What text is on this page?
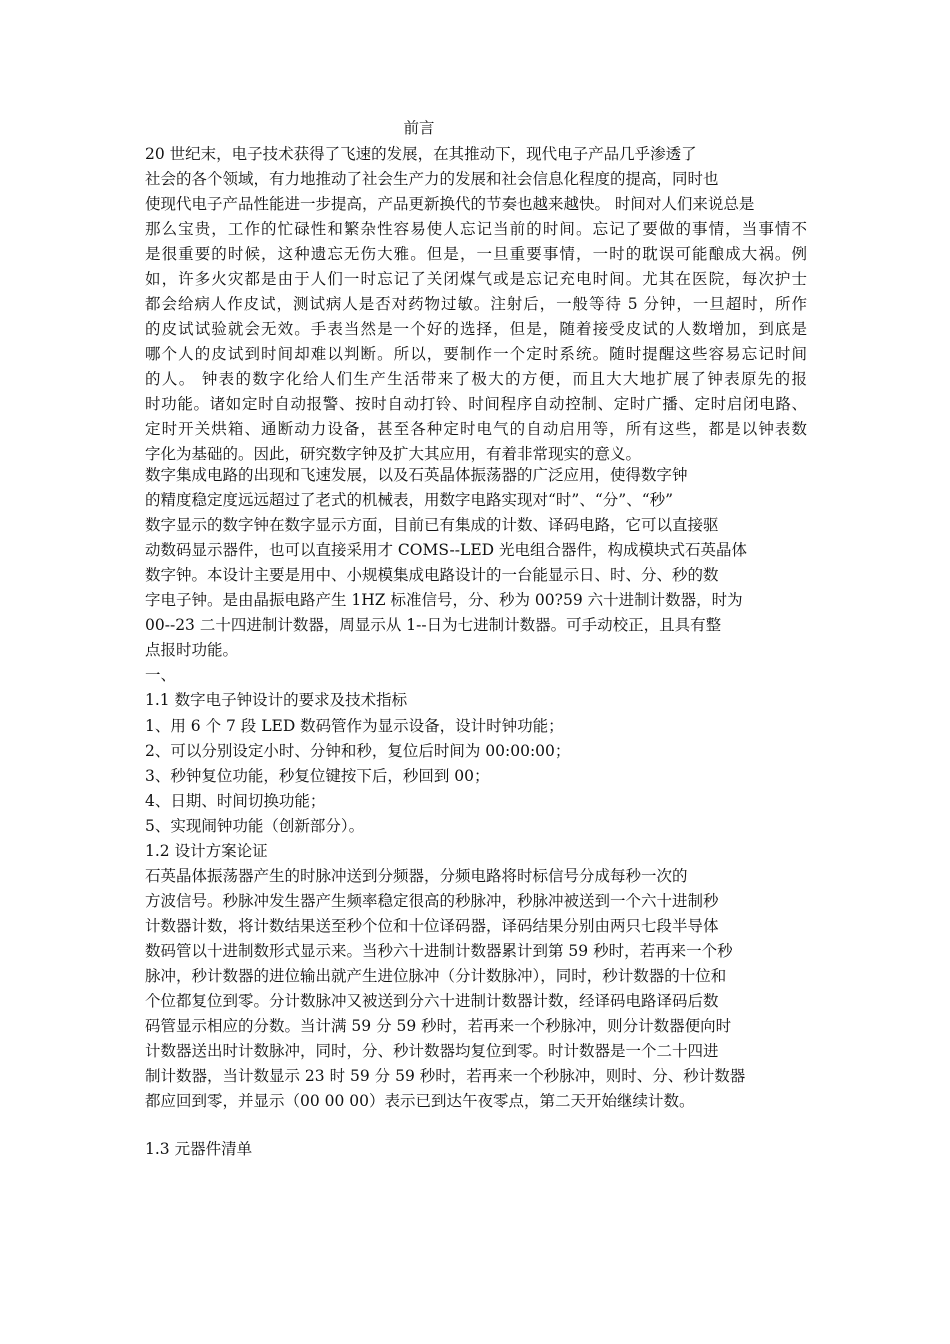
前言
20 世纪末，电子技术获得了飞速的发展，在其推动下，现代电子产品几乎渗透了
社会的各个领域，有力地推动了社会生产力的发展和社会信息化程度的提高，同时也
使现代电子产品性能进一步提高，产品更新换代的节奏也越来越快。 时间对人们来说总是
那么宝贵，工作的忙碌性和繁杂性容易使人忘记当前的时间。忘记了要做的事情，当事情不
是很重要的时候，这种遗忘无伤大雅。但是，一旦重要事情，一时的耽误可能酿成大祸。例
如，许多火灾都是由于人们一时忘记了关闭煤气或是忘记充电时间。尤其在医院，每次护士
都会给病人作皮试，测试病人是否对药物过敏。注射后，一般等待 5 分钟，一旦超时，所作
的皮试试验就会无效。手表当然是一个好的选择，但是，随着接受皮试的人数增加，到底是
哪个人的皮试到时间却难以判断。所以，要制作一个定时系统。随时提醒这些容易忘记时间
的人。 钟表的数字化给人们生产生活带来了极大的方便，而且大大地扩展了钟表原先的报
时功能。诸如定时自动报警、按时自动打铃、时间程序自动控制、定时广播、定时启闭电路、
定时开关烘箱、通断动力设备，甚至各种定时电气的自动启用等，所有这些，都是以钟表数
字化为基础的。因此，研究数字钟及扩大其应用，有着非常现实的意义。
数字集成电路的出现和飞速发展，以及石英晶体振荡器的广泛应用，使得数字钟
的精度稳定度远远超过了老式的机械表，用数字电路实现对“时”、“分”、“秒”
数字显示的数字钟在数字显示方面，目前已有集成的计数、译码电路，它可以直接驱
动数码显示器件，也可以直接采用才 COMS--LED 光电组合器件，构成模块式石英晶体
数字钟。本设计主要是用中、小规模集成电路设计的一台能显示日、时、分、秒的数
字电子钟。是由晶振电路产生 1HZ 标准信号，分、秒为 00?59 六十进制计数器，时为
00--23 二十四进制计数器，周显示从 1--日为七进制计数器。可手动校正，且具有整
点报时功能。
一、
1.1 数字电子钟设计的要求及技术指标
1、用 6 个 7 段 LED 数码管作为显示设备，设计时钟功能；
2、可以分别设定小时、分钟和秒，复位后时间为 00:00:00；
3、秒钟复位功能，秒复位键按下后，秒回到 00；
4、日期、时间切换功能；
5、实现闹钟功能（创新部分）。
1.2 设计方案论证
石英晶体振荡器产生的时脉冲送到分频器，分频电路将时标信号分成每秒一次的
方波信号。秒脉冲发生器产生频率稳定很高的秒脉冲，秒脉冲被送到一个六十进制秒
计数器计数，将计数结果送至秒个位和十位译码器，译码结果分别由两只七段半导体
数码管以十进制数形式显示来。当秒六十进制计数器累计到第 59 秒时，若再来一个秒
脉冲，秒计数器的进位输出就产生进位脉冲（分计数脉冲），同时，秒计数器的十位和
个位都复位到零。分计数脉冲又被送到分六十进制计数器计数，经译码电路译码后数
码管显示相应的分数。当计满 59 分 59 秒时，若再来一个秒脉冲，则分计数器便向时
计数器送出时计数脉冲，同时，分、秒计数器均复位到零。时计数器是一个二十四进
制计数器，当计数显示 23 时 59 分 59 秒时，若再来一个秒脉冲，则时、分、秒计数器
都应回到零，并显示（00 00 00）表示已到达午夜零点，第二天开始继续计数。
1.3 元器件清单
